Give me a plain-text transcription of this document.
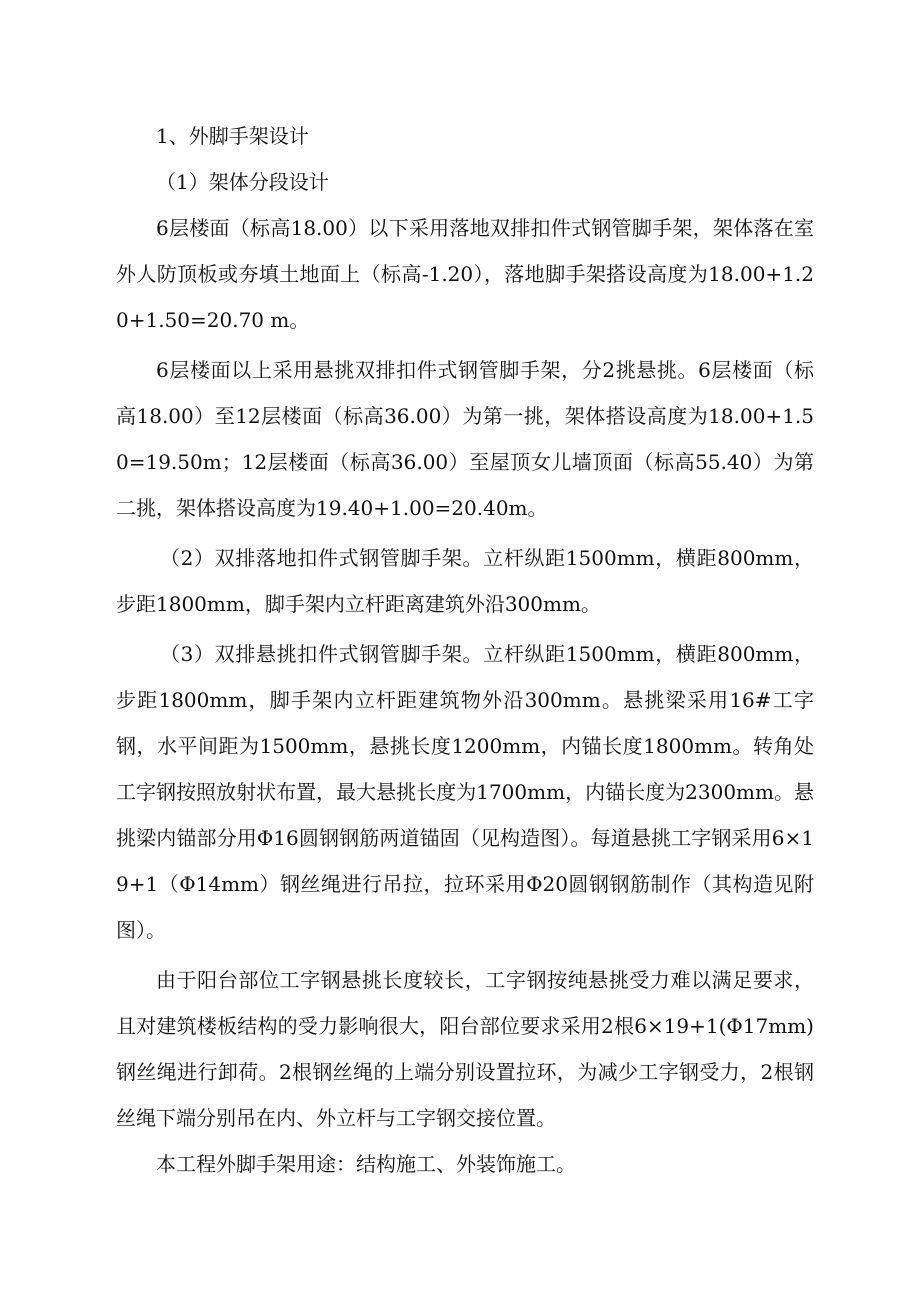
1、外脚手架设计

（1）架体分段设计

6层楼面（标高18.00）以下采用落地双排扣件式钢管脚手架，架体落在室外人防顶板或夯填土地面上（标高-1.20），落地脚手架搭设高度为18.00+1.20+1.50=20.70 m。

6层楼面以上采用悬挑双排扣件式钢管脚手架，分2挑悬挑。6层楼面（标高18.00）至12层楼面（标高36.00）为第一挑，架体搭设高度为18.00+1.50=19.50m；12层楼面（标高36.00）至屋顶女儿墙顶面（标高55.40）为第二挑，架体搭设高度为19.40+1.00=20.40m。

（2）双排落地扣件式钢管脚手架。立杆纵距1500mm，横距800mm，步距1800mm，脚手架内立杆距离建筑外沿300mm。

（3）双排悬挑扣件式钢管脚手架。立杆纵距1500mm，横距800mm，步距1800mm，脚手架内立杆距建筑物外沿300mm。悬挑梁采用16#工字钢，水平间距为1500mm，悬挑长度1200mm，内锚长度1800mm。转角处工字钢按照放射状布置，最大悬挑长度为1700mm，内锚长度为2300mm。悬挑梁内锚部分用Φ16圆钢钢筋两道锚固（见构造图）。每道悬挑工字钢采用6×19+1（Φ14mm）钢丝绳进行吊拉，拉环采用Φ20圆钢钢筋制作（其构造见附图）。

由于阳台部位工字钢悬挑长度较长，工字钢按纯悬挑受力难以满足要求，且对建筑楼板结构的受力影响很大，阳台部位要求采用2根6×19+1(Φ17mm)钢丝绳进行卸荷。2根钢丝绳的上端分别设置拉环，为减少工字钢受力，2根钢丝绳下端分别吊在内、外立杆与工字钢交接位置。

本工程外脚手架用途：结构施工、外装饰施工。
